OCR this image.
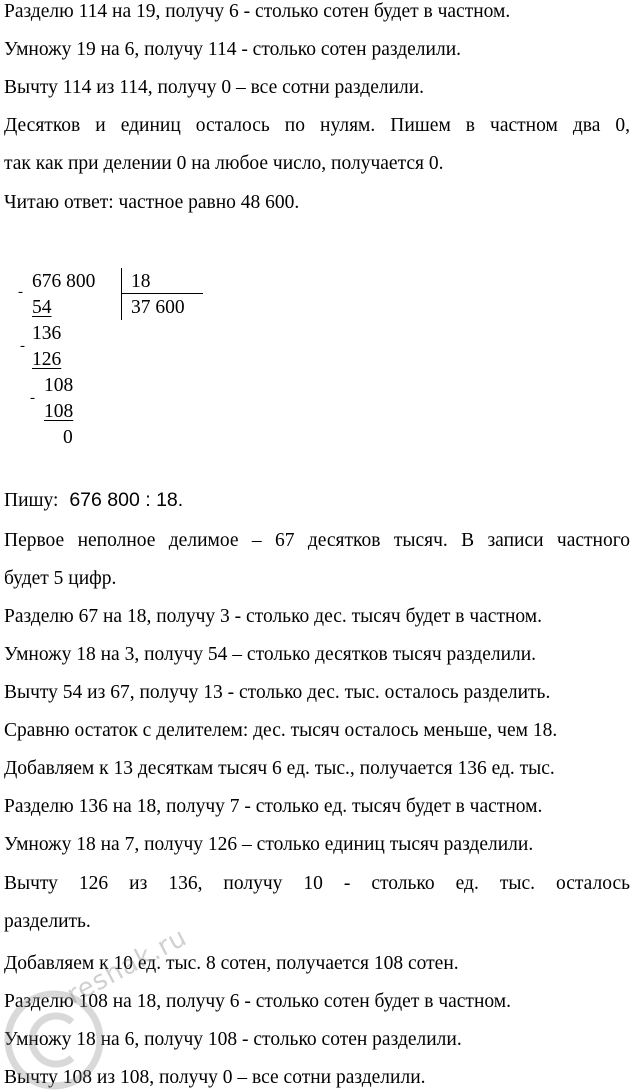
Разделю 114 на 19, получу 6 - столько сотен будет в частном.
Умножу 19 на 6, получу 114 - столько сотен разделили.
Вычту 114 из 114, получу 0 – все сотни разделили.
Десятков и единиц осталось по нулям. Пишем в частном два 0,
так как при делении 0 на любое число, получается 0.
Читаю ответ: частное равно 48 600.
- 676 800 18
54	37 600
-
136
126
-
108
108
0
Пишу: 676 800 : 18.
Первое неполное делимое – 67 десятков тысяч. В записи частного
будет 5 цифр.
Разделю 67 на 18, получу 3 - столько дес. тысяч будет в частном.
Умножу 18 на 3, получу 54 – столько десятков тысяч разделили.
Вычту 54 из 67, получу 13 - столько дес. тыс. осталось разделить.
Сравню остаток с делителем: дес. тысяч осталось меньше, чем 18.
Добавляем к 13 десяткам тысяч 6 ед. тыс., получается 136 ед. тыс.
Разделю 136 на 18, получу 7 - столько ед. тысяч будет в частном.
Умножу 18 на 7, получу 126 – столько единиц тысяч разделили.
Вычту 126 из 136, получу 10 - столько ед. тыс. осталось
разделить.
Добавляем к 10 ед. тыс. 8 сотен, получается 108 сотен.
Разделю 108 на 18, получу 6 - столько сотен будет в частном.
Умножу 18 на 6, получу 108 - столько сотен разделили.
Вычту 108 из 108, получу 0 – все сотни разделили.
reshak.ru
